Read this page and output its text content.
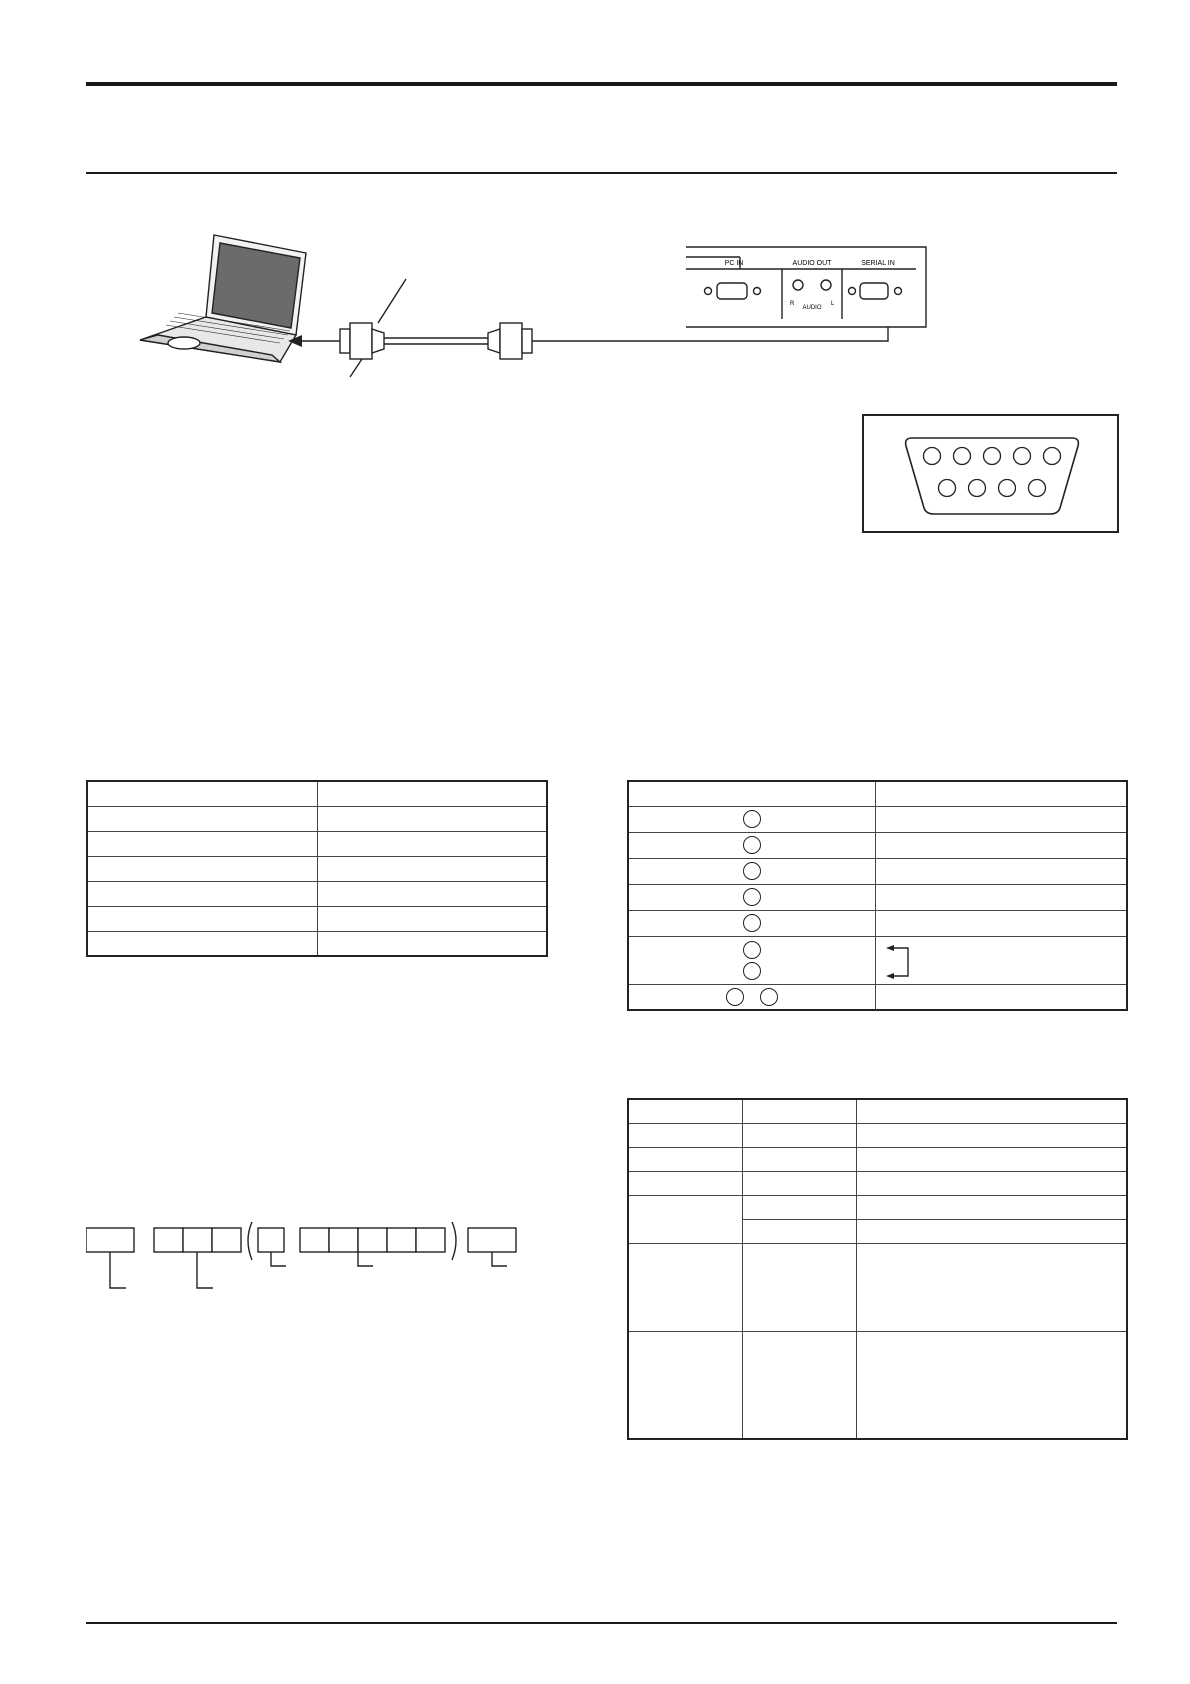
PC IN	AUDIO OUT	SERIAL IN
R
AUDIO
L
